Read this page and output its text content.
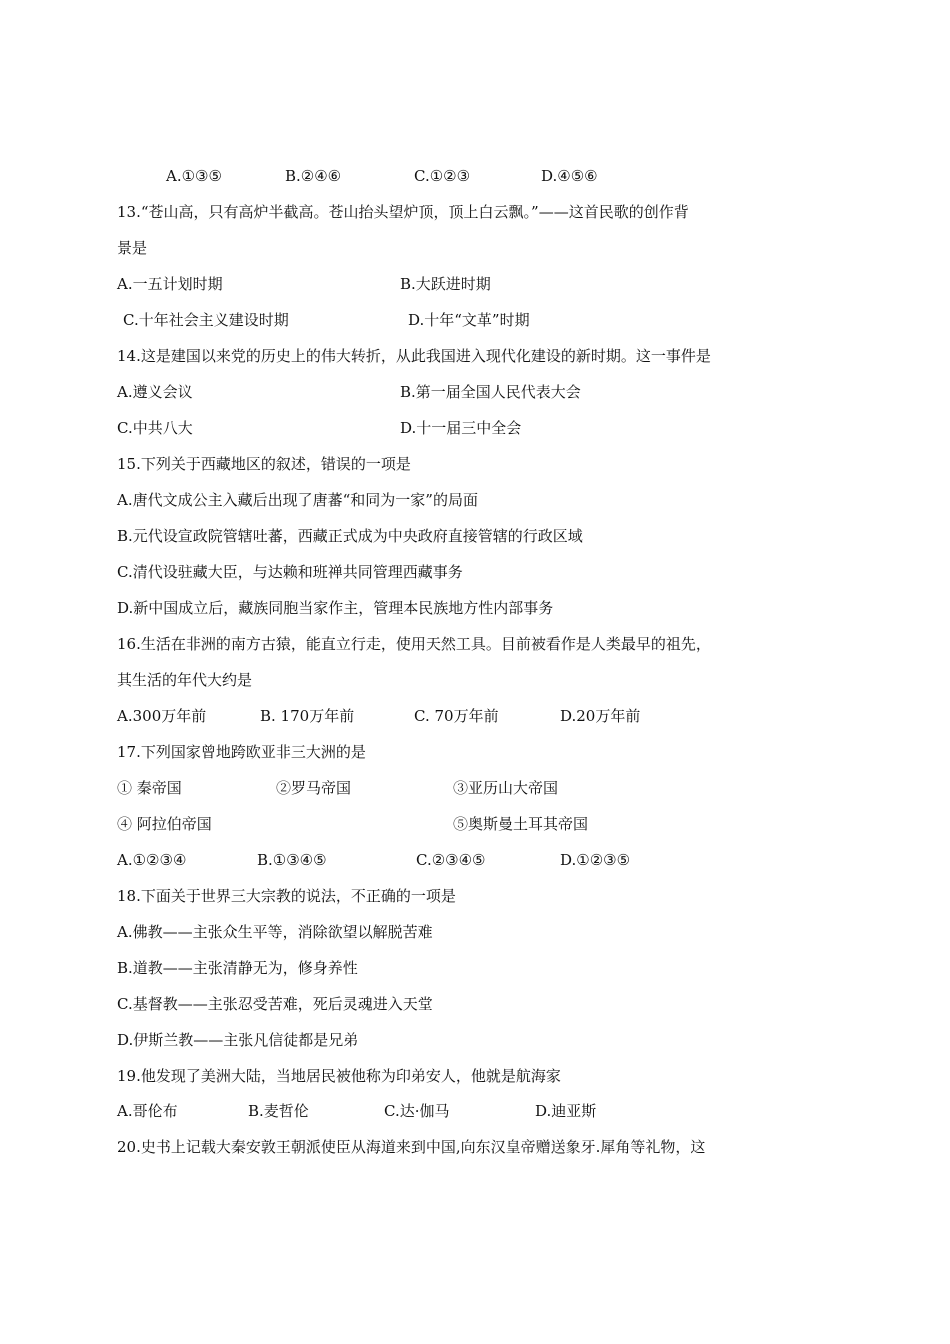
A.①③⑤	B.②④⑥	C.①②③	D.④⑤⑥
13.“苍山高，只有高炉半截高。苍山抬头望炉顶，顶上白云飘。”——这首民歌的创作背
景是
A.一五计划时期	B.大跃进时期
C.十年社会主义建设时期	D.十年“文革”时期
14.这是建国以来党的历史上的伟大转折，从此我国进入现代化建设的新时期。这一事件是
A.遵义会议	B.第一届全国人民代表大会
C.中共八大	D.十一届三中全会
15.下列关于西藏地区的叙述，错误的一项是
A.唐代文成公主入藏后出现了唐蕃“和同为一家”的局面
B.元代设宣政院管辖吐蕃，西藏正式成为中央政府直接管辖的行政区域
C.清代设驻藏大臣，与达赖和班禅共同管理西藏事务
D.新中国成立后，藏族同胞当家作主，管理本民族地方性内部事务
16.生活在非洲的南方古猿，能直立行走，使用天然工具。目前被看作是人类最早的祖先，
其生活的年代大约是
A.300万年前	B. 170万年前	C. 70万年前	D.20万年前
17.下列国家曾地跨欧亚非三大洲的是
① 秦帝国	②罗马帝国	③亚历山大帝国
④ 阿拉伯帝国	⑤奥斯曼土耳其帝国
A.①②③④	B.①③④⑤	C.②③④⑤	D.①②③⑤
18.下面关于世界三大宗教的说法，不正确的一项是
A.佛教——主张众生平等，消除欲望以解脱苦难
B.道教——主张清静无为，修身养性
C.基督教——主张忍受苦难，死后灵魂进入天堂
D.伊斯兰教——主张凡信徒都是兄弟
19.他发现了美洲大陆，当地居民被他称为印弟安人，他就是航海家
A.哥伦布	B.麦哲伦	C.达·伽马	D.迪亚斯
20.史书上记载大秦安敦王朝派使臣从海道来到中国,向东汉皇帝赠送象牙.犀角等礼物，这
